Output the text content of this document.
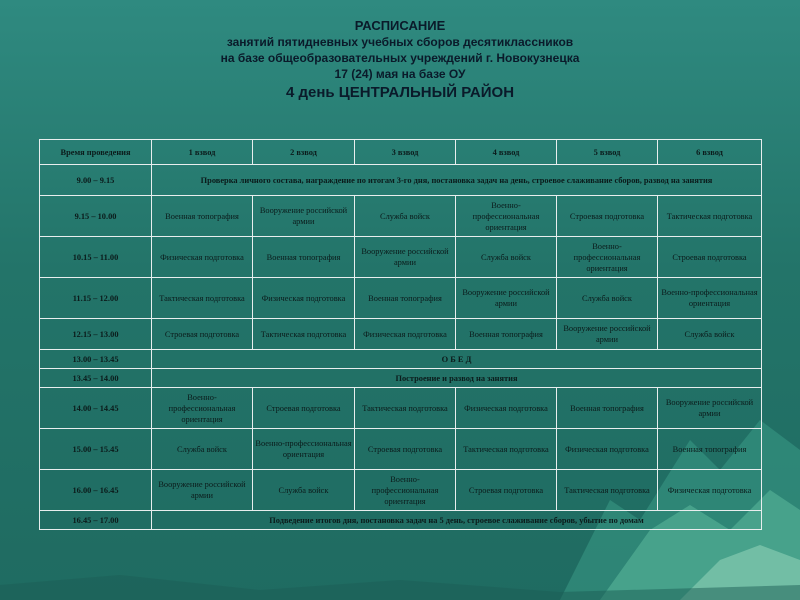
РАСПИСАНИЕ
занятий пятидневных учебных сборов десятиклассников
на базе общеобразовательных учреждений г. Новокузнецка
17 (24) мая на базе ОУ
4 день ЦЕНТРАЛЬНЫЙ РАЙОН
Время проведения	1 взвод	2 взвод	3 взвод	4 взвод	5 взвод	6 взвод
9.00 – 9.15	Проверка личного состава, награждение по итогам 3-го дня, постановка задач на день, строевое слаживание сборов, развод на занятия					
9.15 – 10.00	Военная топография	Вооружение российской армии	Служба войск	Военно-профессиональная ориентация	Строевая подготовка	Тактическая подготовка
10.15 – 11.00	Физическая подготовка	Военная топография	Вооружение российской армии	Служба войск	Военно-профессиональная ориентация	Строевая подготовка
11.15 – 12.00	Тактическая подготовка	Физическая подготовка	Военная топография	Вооружение российской армии	Служба войск	Военно-профессиональная ориентация
12.15 – 13.00	Строевая подготовка	Тактическая подготовка	Физическая подготовка	Военная топография	Вооружение российской армии	Служба войск
13.00 – 13.45	О Б Е Д					
13.45 – 14.00	Построение и развод на занятия					
14.00 – 14.45	Военно-профессиональная ориентация	Строевая подготовка	Тактическая подготовка	Физическая подготовка	Военная топография	Вооружение российской армии
15.00 – 15.45	Служба войск	Военно-профессиональная ориентация	Строевая подготовка	Тактическая подготовка	Физическая подготовка	Военная топография
16.00 – 16.45	Вооружение российской армии	Служба войск	Военно-профессиональная ориентация	Строевая подготовка	Тактическая подготовка	Физическая подготовка
16.45 – 17.00	Подведение итогов дня, постановка задач на 5 день, строевое слаживание сборов, убытие по домам					
